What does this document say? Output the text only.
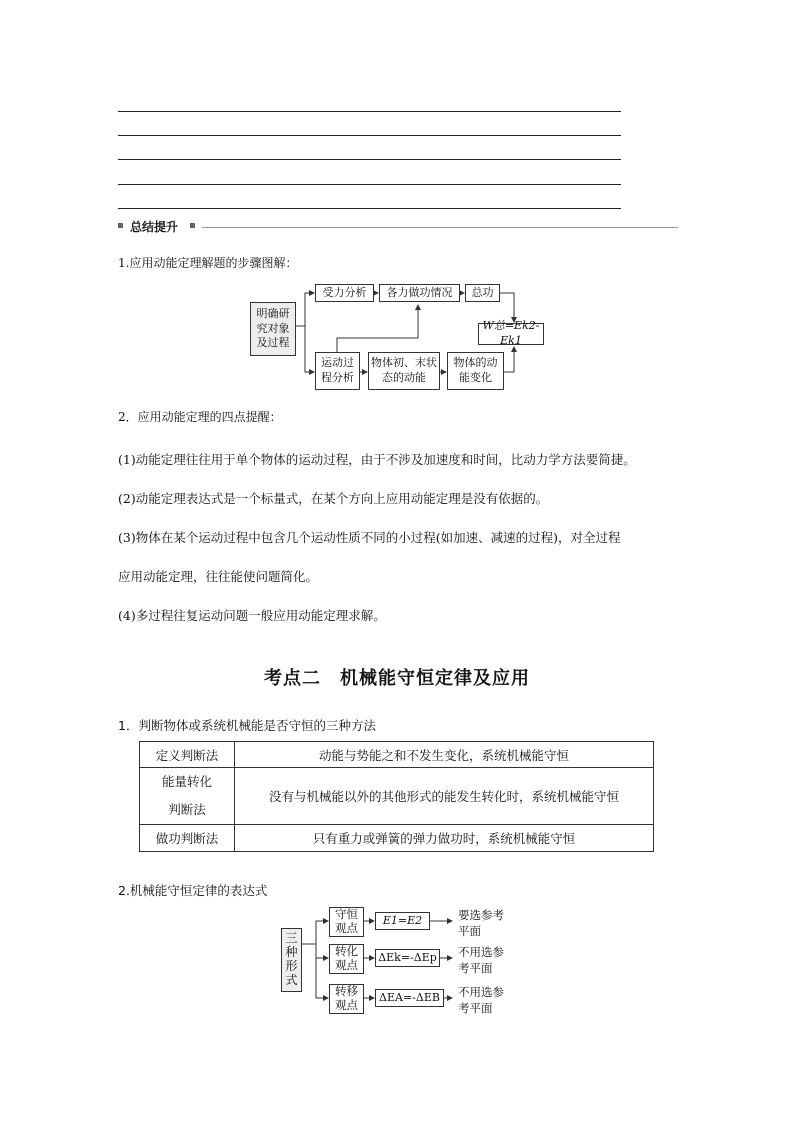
总结提升
1.应用动能定理解题的步骤图解：
明确研究对象及过程
受力分析	各力做功情况	总功
W总=Ek2-Ek1
运动过程分析
物体初、末状态的动能
物体的动能变化
2．应用动能定理的四点提醒：
(1)动能定理往往用于单个物体的运动过程，由于不涉及加速度和时间，比动力学方法要简捷。
(2)动能定理表达式是一个标量式，在某个方向上应用动能定理是没有依据的。
(3)物体在某个运动过程中包含几个运动性质不同的小过程(如加速、减速的过程)，对全过程
应用动能定理，往往能使问题简化。
(4)多过程往复运动问题一般应用动能定理求解。
考点二　机械能守恒定律及应用
1．判断物体或系统机械能是否守恒的三种方法
定义判断法	动能与势能之和不发生变化，系统机械能守恒

能量转化
判断法	没有与机械能以外的其他形式的能发生转化时，系统机械能守恒
做功判断法	只有重力或弹簧的弹力做功时，系统机械能守恒
2.机械能守恒定律的表达式
三种形式
守恒观点
转化观点
转移观点
E1=E2
ΔEk=-ΔEp
ΔEA=-ΔEB
要选参考
平面
不用选参
考平面
不用选参
考平面
